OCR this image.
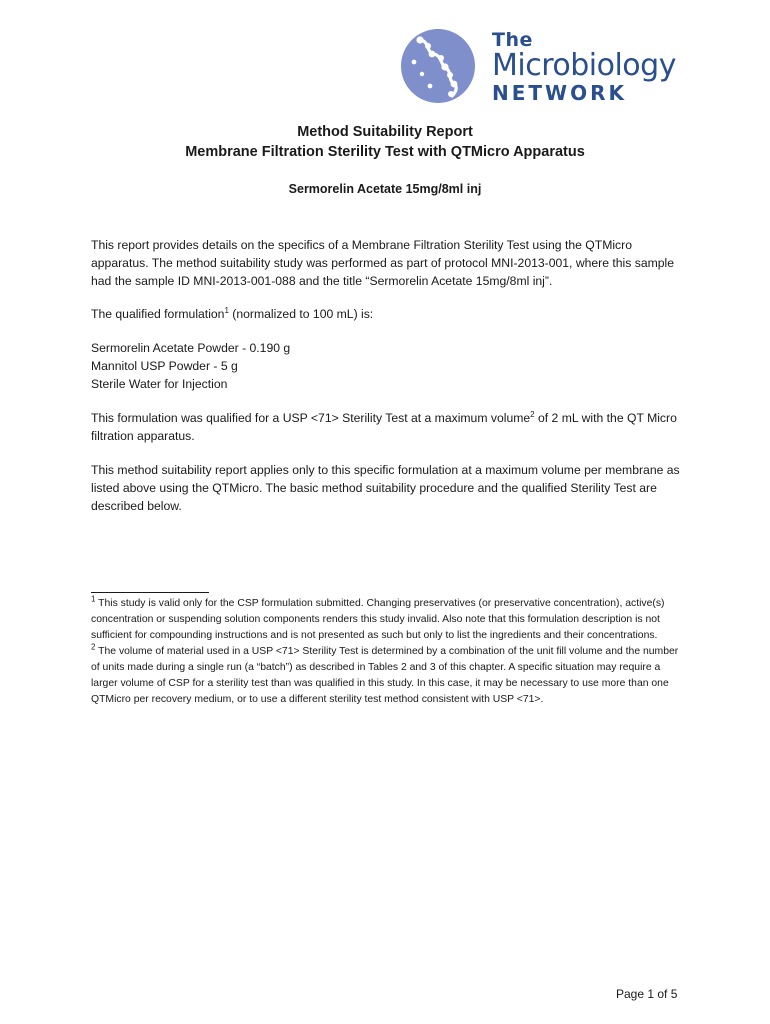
The
Microbiology
NETWORK
Method Suitability Report
Membrane Filtration Sterility Test with QTMicro Apparatus
Sermorelin Acetate 15mg/8ml inj

This report provides details on the specifics of a Membrane Filtration Sterility Test using the QTMicro apparatus. The method suitability study was performed as part of protocol MNI-2013-001, where this sample had the sample ID MNI-2013-001-088 and the title “Sermorelin Acetate 15mg/8ml inj”.

The qualified formulation$^1$ (normalized to 100 mL) is:

Sermorelin Acetate Powder - 0.190 g

Mannitol USP Powder - 5 g

Sterile Water for Injection

This formulation was qualified for a USP <71> Sterility Test at a maximum volume$^2$ of 2 mL with the QT Micro filtration apparatus.

This method suitability report applies only to this specific formulation at a maximum volume per membrane as listed above using the QTMicro. The basic method suitability procedure and the qualified Sterility Test are described below.

$^1$ This study is valid only for the CSP formulation submitted. Changing preservatives (or preservative concentration), active(s) concentration or suspending solution components renders this study invalid. Also note that this formulation description is not sufficient for compounding instructions and is not presented as such but only to list the ingredients and their concentrations.

$^2$ The volume of material used in a USP <71> Sterility Test is determined by a combination of the unit fill volume and the number of units made during a single run (a “batch”) as described in Tables 2 and 3 of this chapter. A specific situation may require a larger volume of CSP for a sterility test than was qualified in this study. In this case, it may be necessary to use more than one QTMicro per recovery medium, or to use a different sterility test method consistent with USP <71>.

Page 1 of 5
